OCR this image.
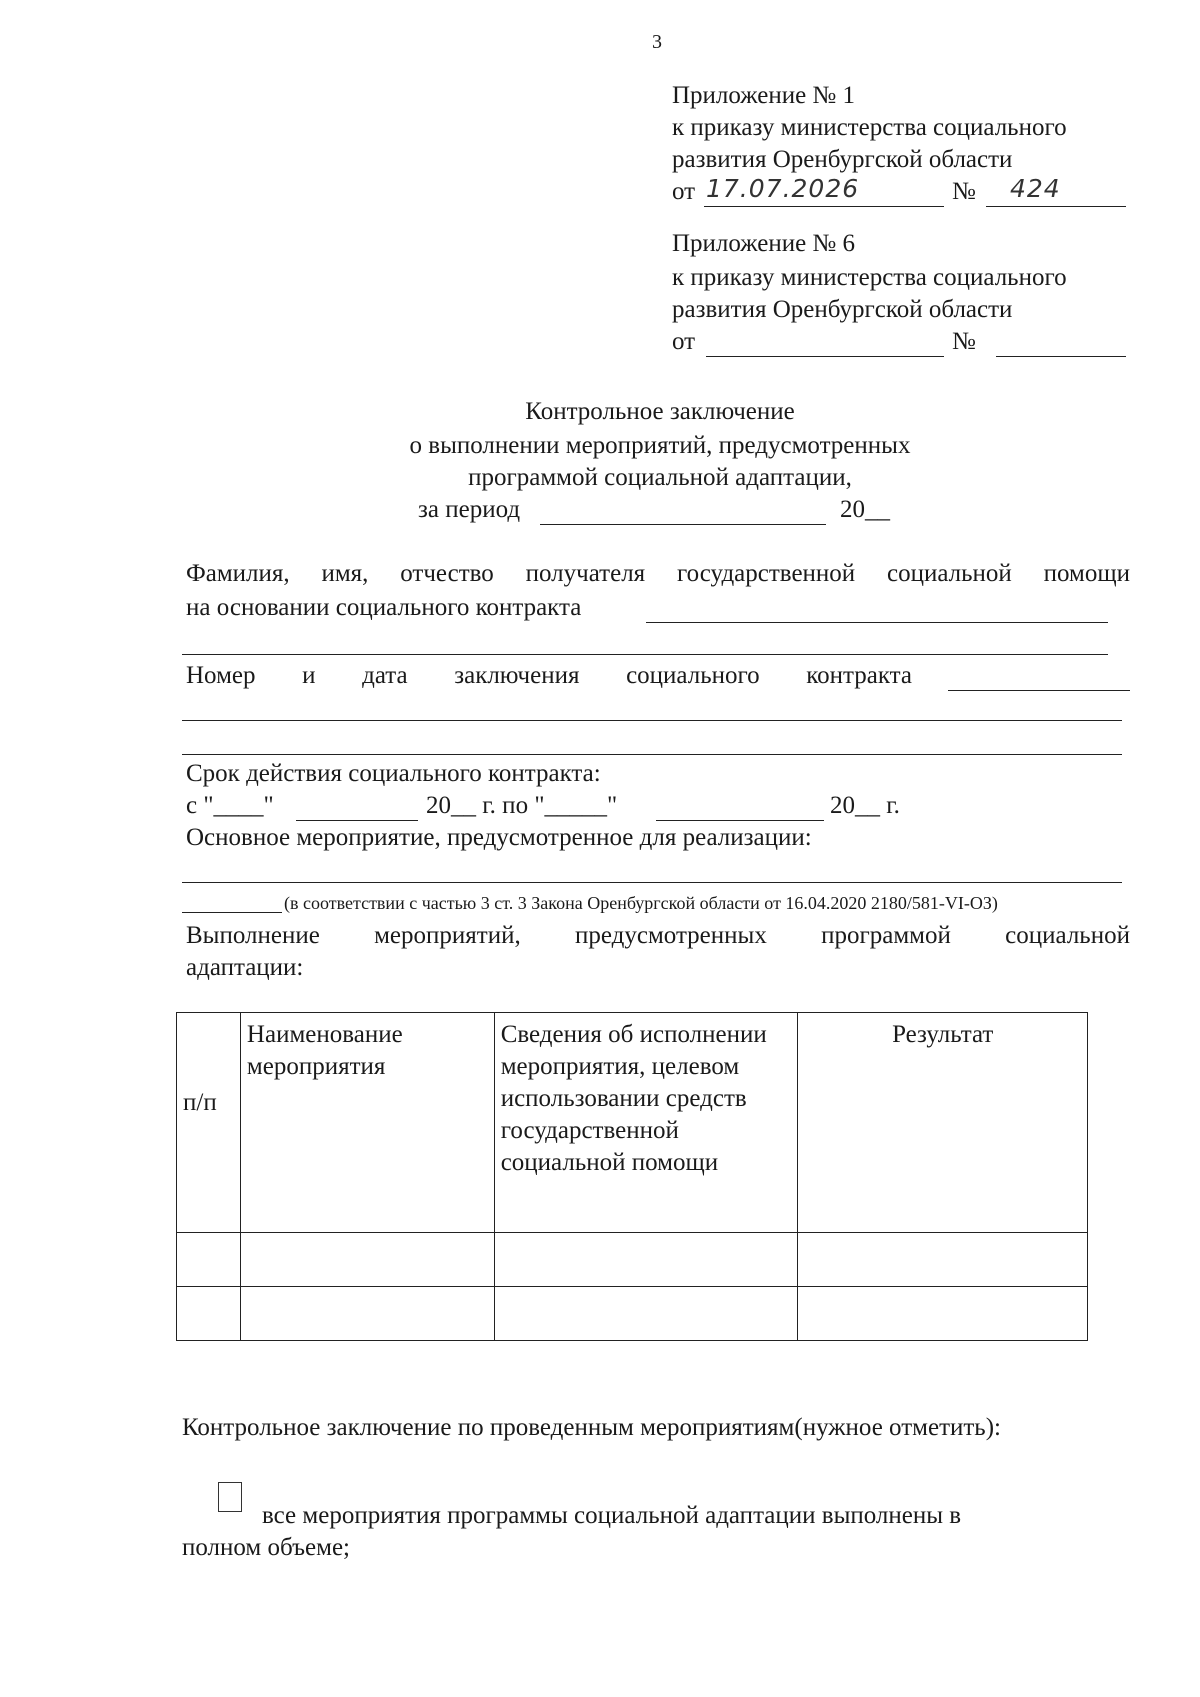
3
Приложение № 1
к приказу министерства социального
развития Оренбургской области
от 17.07.2026	№ 424
Приложение № 6
к приказу министерства социального
развития Оренбургской области
от	№
Контрольное заключение
о выполнении мероприятий, предусмотренных
программой социальной адаптации,
за период	20__
Фамилия, имя, отчество получателя государственной социальной помощи
на основании социального контракта
Номер и дата заключения социального контракта
Срок действия социального контракта:
с "____"	20__ г. по "_____"	20__ г.
Основное мероприятие, предусмотренное для реализации:
(в соответствии с частью 3 ст. 3 Закона Оренбургской области от 16.04.2020 2180/581-VI-ОЗ)
Выполнение мероприятий, предусмотренных программой социальной
адаптации:
п/п	Наименование мероприятия	Сведения об исполнении мероприятия, целевом использовании средств государственной социальной помощи	Результат

Контрольное заключение по проведенным мероприятиям(нужное отметить):
все мероприятия программы социальной адаптации выполнены в
полном объеме;
